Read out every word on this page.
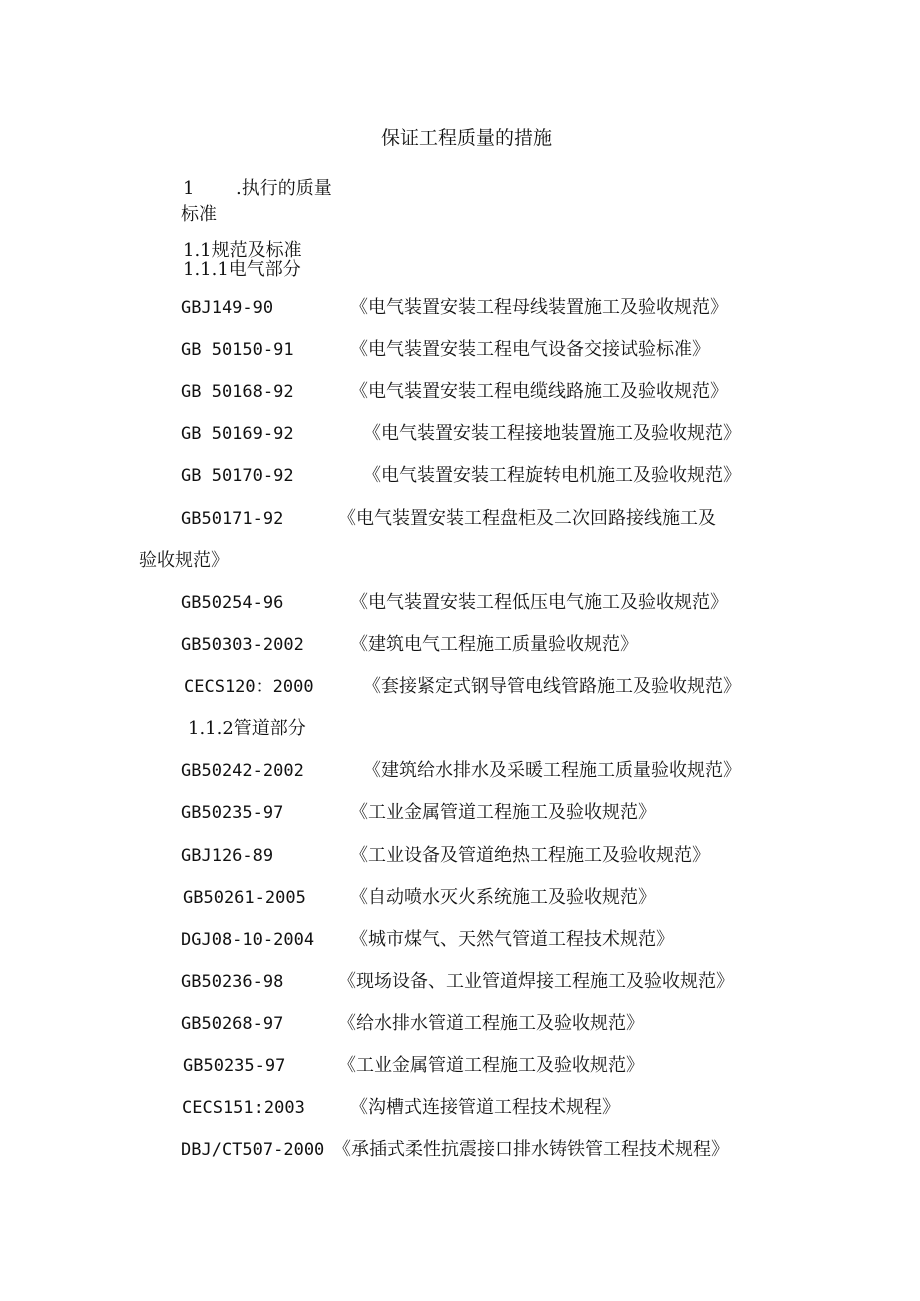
保证工程质量的措施
1 .执行的质量
标准
1.1规范及标准
1.1.1电气部分
GBJ149-90	《电气装置安装工程母线装置施工及验收规范》
GB 50150-91	《电气装置安装工程电气设备交接试验标准》
GB 50168-92	《电气装置安装工程电缆线路施工及验收规范》
GB 50169-92	《电气装置安装工程接地装置施工及验收规范》
GB 50170-92	《电气装置安装工程旋转电机施工及验收规范》
GB50171-92	《电气装置安装工程盘柜及二次回路接线施工及
验收规范》
GB50254-96	《电气装置安装工程低压电气施工及验收规范》
GB50303-2002	《建筑电气工程施工质量验收规范》
CECS120：2000	《套接紧定式钢导管电线管路施工及验收规范》
1.1.2管道部分
GB50242-2002	《建筑给水排水及采暖工程施工质量验收规范》
GB50235-97	《工业金属管道工程施工及验收规范》
GBJ126-89	《工业设备及管道绝热工程施工及验收规范》
GB50261-2005 《自动喷水灭火系统施工及验收规范》
DGJ08-10-2004 《城市煤气、天然气管道工程技术规范》
GB50236-98	《现场设备、工业管道焊接工程施工及验收规范》
GB50268-97	《给水排水管道工程施工及验收规范》
GB50235-97	《工业金属管道工程施工及验收规范》
CECS151:2003	《沟槽式连接管道工程技术规程》
DBJ/CT507-2000 《承插式柔性抗震接口排水铸铁管工程技术规程》
